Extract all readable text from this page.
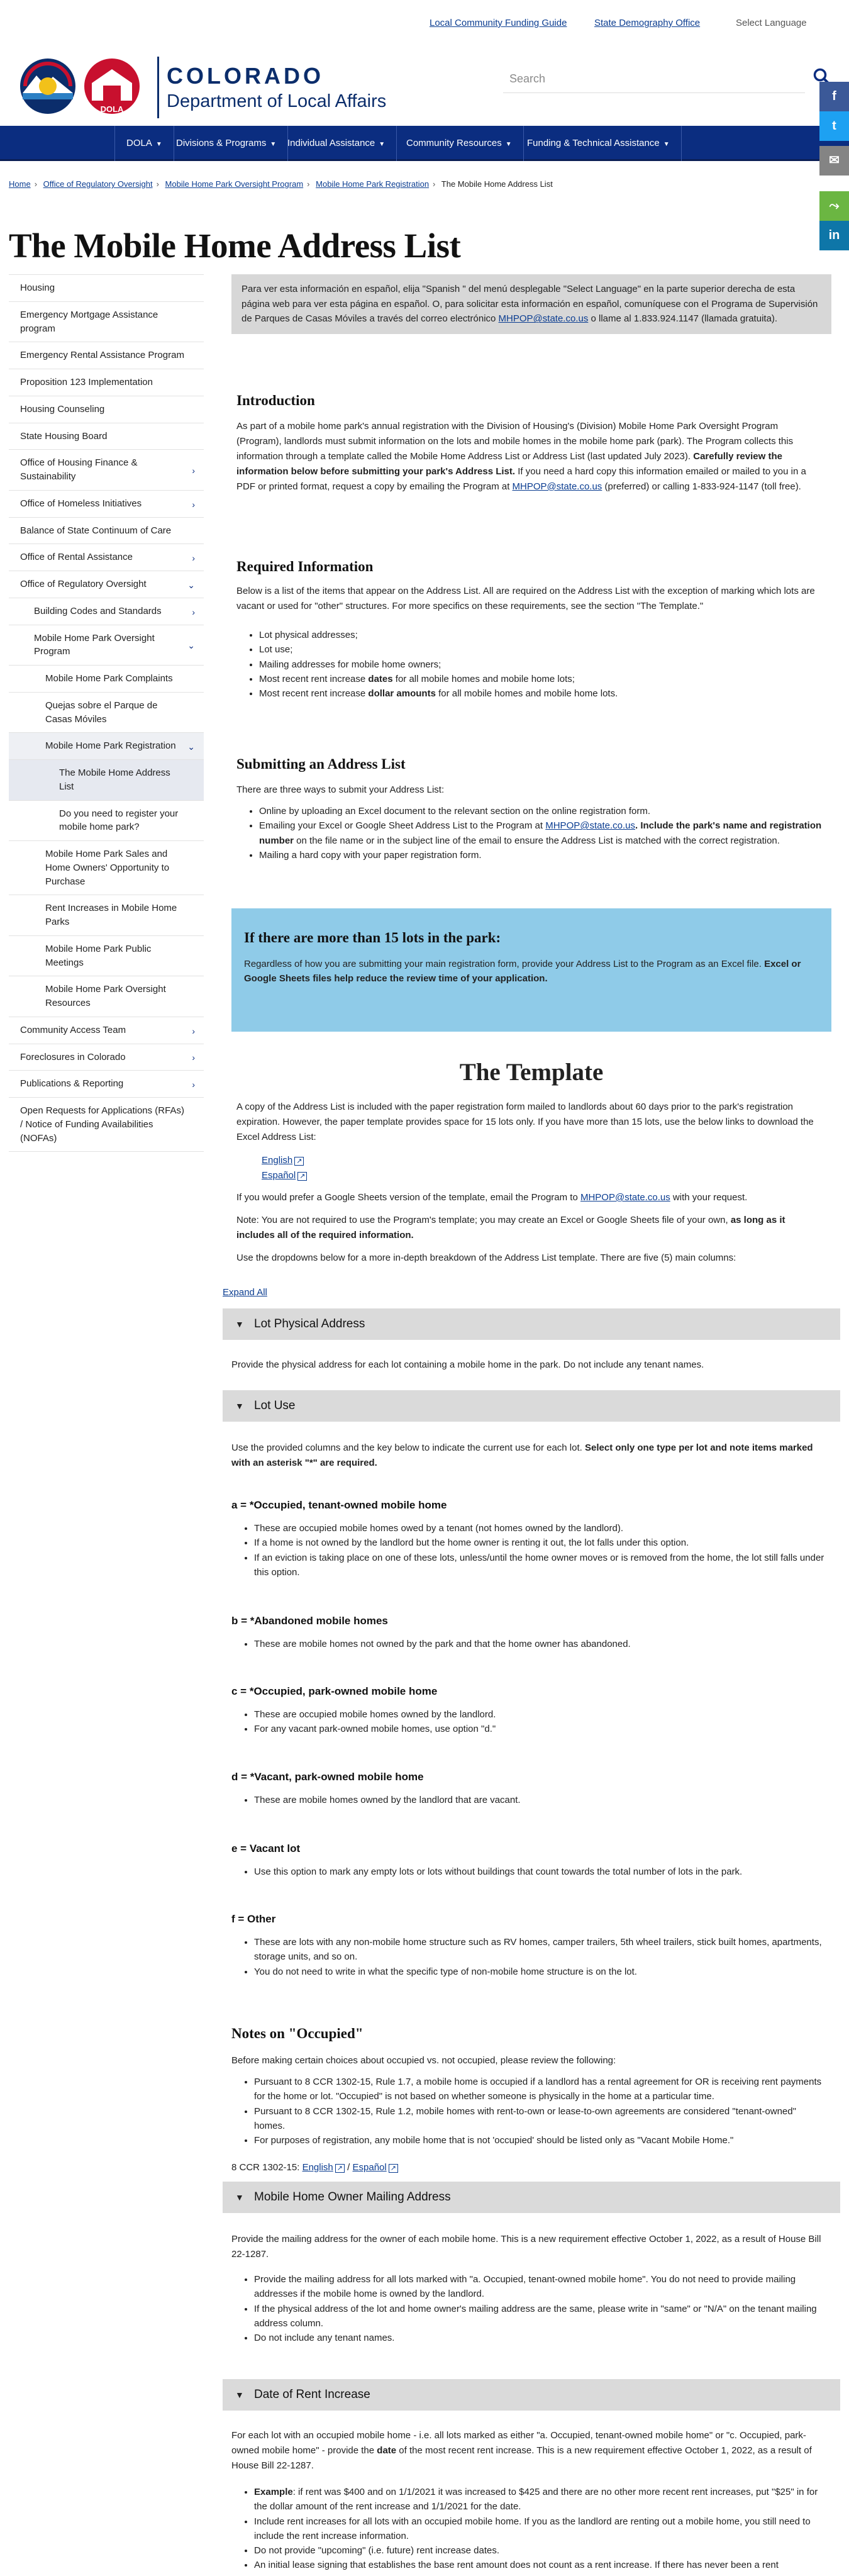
Local Community Funding Guide	State Demography Office	Select Language
DOLA
COLORADO
Department of Local Affairs
Search
DOLA ▼	Divisions & Programs ▼	Individual Assistance ▼	Community Resources ▼	Funding & Technical Assistance ▼
f
t
✉
⤳
in
Home › Office of Regulatory Oversight › Mobile Home Park Oversight Program › Mobile Home Park Registration › The Mobile Home Address List
The Mobile Home Address List
Housing
Emergency Mortgage Assistance program
Emergency Rental Assistance Program
Proposition 123 Implementation
Housing Counseling
State Housing Board
Office of Housing Finance & Sustainability
›
Office of Homeless Initiatives	›
Balance of State Continuum of Care
Office of Rental Assistance	›
Office of Regulatory Oversight	⌄
Building Codes and Standards	›
Mobile Home Park Oversight Program
⌄
Mobile Home Park Complaints
Quejas sobre el Parque de Casas Móviles
Mobile Home Park Registration ⌄
The Mobile Home Address List
Do you need to register your mobile home park?
Mobile Home Park Sales and Home Owners' Opportunity to Purchase
Rent Increases in Mobile Home Parks
Mobile Home Park Public Meetings
Mobile Home Park Oversight Resources
Community Access Team	›
Foreclosures in Colorado	›
Publications & Reporting	›
Open Requests for Applications (RFAs) / Notice of Funding Availabilities (NOFAs)
Para ver esta información en español, elija "Spanish " del menú desplegable "Select Language" en la parte superior derecha de esta página web para ver esta página en español. O, para solicitar esta información en español, comuníquese con el Programa de Supervisión de Parques de Casas Móviles a través del correo electrónico MHPOP@state.co.us o llame al 1.833.924.1147 (llamada gratuita).
Introduction
As part of a mobile home park's annual registration with the Division of Housing's (Division) Mobile Home Park Oversight Program (Program), landlords must submit information on the lots and mobile homes in the mobile home park (park). The Program collects this information through a template called the Mobile Home Address List or Address List (last updated July 2023). Carefully review the information below before submitting your park's Address List. If you need a hard copy this information emailed or mailed to you in a PDF or printed format, request a copy by emailing the Program at MHPOP@state.co.us (preferred) or calling 1-833-924-1147 (toll free).
Required Information
Below is a list of the items that appear on the Address List. All are required on the Address List with the exception of marking which lots are vacant or used for "other" structures. For more specifics on these requirements, see the section "The Template."
• Lot physical addresses;
• Lot use;
• Mailing addresses for mobile home owners;
• Most recent rent increase dates for all mobile homes and mobile home lots;
• Most recent rent increase dollar amounts for all mobile homes and mobile home lots.
Submitting an Address List
There are three ways to submit your Address List:
• Online by uploading an Excel document to the relevant section on the online registration form.
• Emailing your Excel or Google Sheet Address List to the Program at MHPOP@state.co.us. Include the park's name and registration number on the file name or in the subject line of the email to ensure the Address List is matched with the correct registration.
• Mailing a hard copy with your paper registration form.
If there are more than 15 lots in the park:
Regardless of how you are submitting your main registration form, provide your Address List to the Program as an Excel file. Excel or Google Sheets files help reduce the review time of your application.
The Template
A copy of the Address List is included with the paper registration form mailed to landlords about 60 days prior to the park's registration expiration. However, the paper template provides space for 15 lots only. If you have more than 15 lots, use the below links to download the Excel Address List:
English ↗
Español ↗
If you would prefer a Google Sheets version of the template, email the Program to MHPOP@state.co.us with your request.
Note: You are not required to use the Program's template; you may create an Excel or Google Sheets file of your own, as long as it includes all of the required information.
Use the dropdowns below for a more in-depth breakdown of the Address List template. There are five (5) main columns:
Expand All
▼ Lot Physical Address
Provide the physical address for each lot containing a mobile home in the park. Do not include any tenant names.
▼ Lot Use
Use the provided columns and the key below to indicate the current use for each lot. Select only one type per lot and note items marked with an asterisk "*" are required.
a = *Occupied, tenant-owned mobile home
• These are occupied mobile homes owed by a tenant (not homes owned by the landlord).
• If a home is not owned by the landlord but the home owner is renting it out, the lot falls under this option.
• If an eviction is taking place on one of these lots, unless/until the home owner moves or is removed from the home, the lot still falls under this option.
b = *Abandoned mobile homes
• These are mobile homes not owned by the park and that the home owner has abandoned.
c = *Occupied, park-owned mobile home
• These are occupied mobile homes owned by the landlord.
• For any vacant park-owned mobile homes, use option "d."
d = *Vacant, park-owned mobile home
• These are mobile homes owned by the landlord that are vacant.
e = Vacant lot
• Use this option to mark any empty lots or lots without buildings that count towards the total number of lots in the park.
f = Other
• These are lots with any non-mobile home structure such as RV homes, camper trailers, 5th wheel trailers, stick built homes, apartments, storage units, and so on.
• You do not need to write in what the specific type of non-mobile home structure is on the lot.
Notes on "Occupied"
Before making certain choices about occupied vs. not occupied, please review the following:
• Pursuant to 8 CCR 1302-15, Rule 1.7, a mobile home is occupied if a landlord has a rental agreement for OR is receiving rent payments for the home or lot. "Occupied" is not based on whether someone is physically in the home at a particular time.
• Pursuant to 8 CCR 1302-15, Rule 1.2, mobile homes with rent-to-own or lease-to-own agreements are considered "tenant-owned" homes.
• For purposes of registration, any mobile home that is not 'occupied' should be listed only as "Vacant Mobile Home."
8 CCR 1302-15: English ↗ / Español ↗
▼ Mobile Home Owner Mailing Address
Provide the mailing address for the owner of each mobile home. This is a new requirement effective October 1, 2022, as a result of House Bill 22-1287.
• Provide the mailing address for all lots marked with "a. Occupied, tenant-owned mobile home". You do not need to provide mailing addresses if the mobile home is owned by the landlord.
• If the physical address of the lot and home owner's mailing address are the same, please write in "same" or "N/A" on the tenant mailing address column.
• Do not include any tenant names.
▼ Date of Rent Increase
For each lot with an occupied mobile home - i.e. all lots marked as either "a. Occupied, tenant-owned mobile home" or "c. Occupied, park-owned mobile home" - provide the date of the most recent rent increase. This is a new requirement effective October 1, 2022, as a result of House Bill 22-1287.
• Example: if rent was $400 and on 1/1/2021 it was increased to $425 and there are no other more recent rent increases, put "$25" in for the dollar amount of the rent increase and 1/1/2021 for the date.
• Include rent increases for all lots with an occupied mobile home. If you as the landlord are renting out a mobile home, you still need to include the rent increase information.
• Do not provide "upcoming" (i.e. future) rent increase dates.
• An initial lease signing that establishes the base rent amount does not count as a rent increase. If there has never been a rent
